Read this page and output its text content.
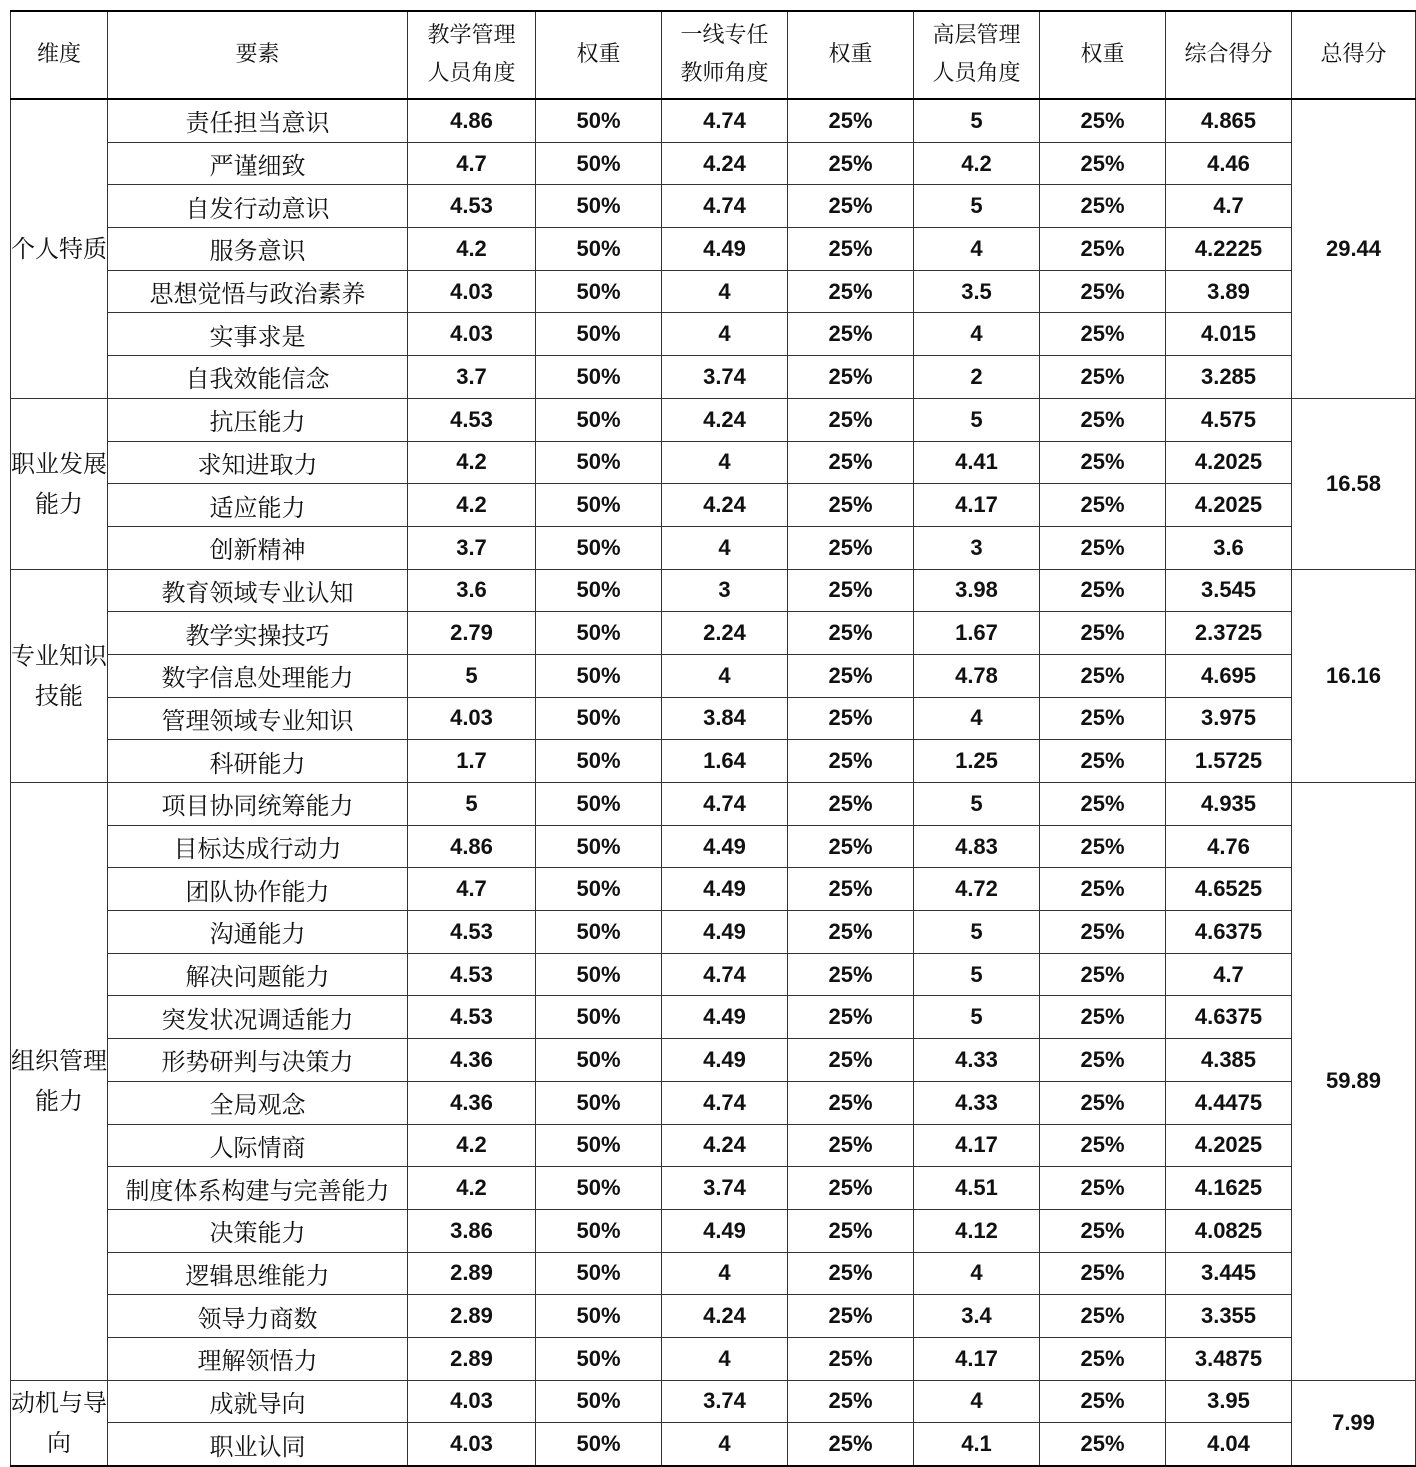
维度	要素	教学管理人员角度	权重	一线专任教师角度	权重	高层管理人员角度	权重	综合得分	总得分
个人特质	责任担当意识	4.86	50%	4.74	25%	5	25%	4.865	29.44
	严谨细致	4.7	50%	4.24	25%	4.2	25%	4.46	
	自发行动意识	4.53	50%	4.74	25%	5	25%	4.7	
	服务意识	4.2	50%	4.49	25%	4	25%	4.2225	
	思想觉悟与政治素养	4.03	50%	4	25%	3.5	25%	3.89	
	实事求是	4.03	50%	4	25%	4	25%	4.015	
	自我效能信念	3.7	50%	3.74	25%	2	25%	3.285	
职业发展能力	抗压能力	4.53	50%	4.24	25%	5	25%	4.575	16.58
	求知进取力	4.2	50%	4	25%	4.41	25%	4.2025	
	适应能力	4.2	50%	4.24	25%	4.17	25%	4.2025	
	创新精神	3.7	50%	4	25%	3	25%	3.6	
专业知识技能	教育领域专业认知	3.6	50%	3	25%	3.98	25%	3.545	16.16
	教学实操技巧	2.79	50%	2.24	25%	1.67	25%	2.3725	
	数字信息处理能力	5	50%	4	25%	4.78	25%	4.695	
	管理领域专业知识	4.03	50%	3.84	25%	4	25%	3.975	
	科研能力	1.7	50%	1.64	25%	1.25	25%	1.5725	
组织管理能力	项目协同统筹能力	5	50%	4.74	25%	5	25%	4.935	59.89
	目标达成行动力	4.86	50%	4.49	25%	4.83	25%	4.76	
	团队协作能力	4.7	50%	4.49	25%	4.72	25%	4.6525	
	沟通能力	4.53	50%	4.49	25%	5	25%	4.6375	
	解决问题能力	4.53	50%	4.74	25%	5	25%	4.7	
	突发状况调适能力	4.53	50%	4.49	25%	5	25%	4.6375	
	形势研判与决策力	4.36	50%	4.49	25%	4.33	25%	4.385	
	全局观念	4.36	50%	4.74	25%	4.33	25%	4.4475	
	人际情商	4.2	50%	4.24	25%	4.17	25%	4.2025	
	制度体系构建与完善能力	4.2	50%	3.74	25%	4.51	25%	4.1625	
	决策能力	3.86	50%	4.49	25%	4.12	25%	4.0825	
	逻辑思维能力	2.89	50%	4	25%	4	25%	3.445	
	领导力商数	2.89	50%	4.24	25%	3.4	25%	3.355	
	理解领悟力	2.89	50%	4	25%	4.17	25%	3.4875	
动机与导向	成就导向	4.03	50%	3.74	25%	4	25%	3.95	7.99
	职业认同	4.03	50%	4	25%	4.1	25%	4.04	
